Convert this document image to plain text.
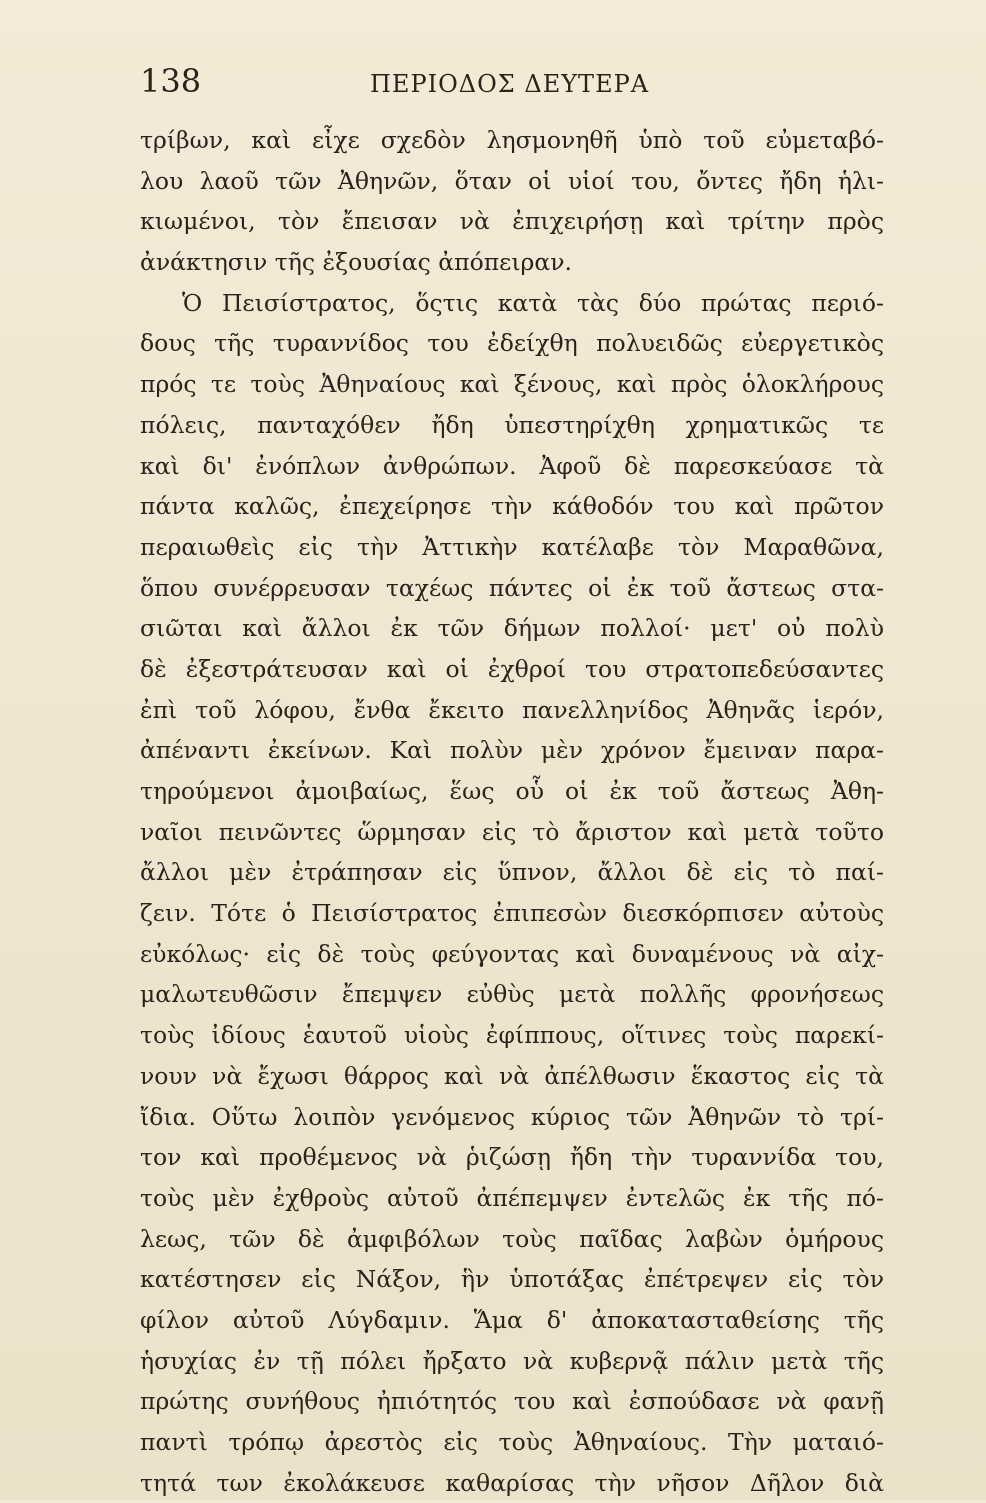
138	ΠΕΡΙΟΔΟΣ ΔΕΥΤΕΡΑ
τρίβων, καὶ εἶχε σχεδὸν λησμονηθῆ ὑπὸ τοῦ εὐμεταβό-
λου λαοῦ τῶν Ἀθηνῶν, ὅταν οἱ υἱοί του, ὄντες ἤδη ἡλι-
κιωμένοι, τὸν ἔπεισαν νὰ ἐπιχειρήσῃ καὶ τρίτην πρὸς
ἀνάκτησιν τῆς ἐξουσίας ἀπόπειραν.
Ὁ Πεισίστρατος, ὅςτις κατὰ τὰς δύο πρώτας περιό-
δους τῆς τυραννίδος του ἐδείχθη πολυειδῶς εὐεργετικὸς
πρός τε τοὺς Ἀθηναίους καὶ ξένους, καὶ πρὸς ὁλοκλήρους
πόλεις, πανταχόθεν ἤδη ὑπεστηρίχθη χρηματικῶς τε
καὶ δι' ἐνόπλων ἀνθρώπων. Ἀφοῦ δὲ παρεσκεύασε τὰ
πάντα καλῶς, ἐπεχείρησε τὴν κάθοδόν του καὶ πρῶτον
περαιωθεὶς εἰς τὴν Ἀττικὴν κατέλαβε τὸν Μαραθῶνα,
ὅπου συνέρρευσαν ταχέως πάντες οἱ ἐκ τοῦ ἄστεως στα-
σιῶται καὶ ἄλλοι ἐκ τῶν δήμων πολλοί· μετ' οὐ πολὺ
δὲ ἐξεστράτευσαν καὶ οἱ ἐχθροί του στρατοπεδεύσαντες
ἐπὶ τοῦ λόφου, ἔνθα ἔκειτο πανελληνίδος Ἀθηνᾶς ἱερόν,
ἀπέναντι ἐκείνων. Καὶ πολὺν μὲν χρόνον ἔμειναν παρα-
τηρούμενοι ἀμοιβαίως, ἕως οὗ οἱ ἐκ τοῦ ἄστεως Ἀθη-
ναῖοι πεινῶντες ὥρμησαν εἰς τὸ ἄριστον καὶ μετὰ τοῦτο
ἄλλοι μὲν ἐτράπησαν εἰς ὕπνον, ἄλλοι δὲ εἰς τὸ παί-
ζειν. Τότε ὁ Πεισίστρατος ἐπιπεσὼν διεσκόρπισεν αὐτοὺς
εὐκόλως· εἰς δὲ τοὺς φεύγοντας καὶ δυναμένους νὰ αἰχ-
μαλωτευθῶσιν ἔπεμψεν εὐθὺς μετὰ πολλῆς φρονήσεως
τοὺς ἰδίους ἑαυτοῦ υἱοὺς ἐφίππους, οἵτινες τοὺς παρεκί-
νουν νὰ ἔχωσι θάρρος καὶ νὰ ἀπέλθωσιν ἕκαστος εἰς τὰ
ἴδια. Οὕτω λοιπὸν γενόμενος κύριος τῶν Ἀθηνῶν τὸ τρί-
τον καὶ προθέμενος νὰ ῥιζώσῃ ἤδη τὴν τυραννίδα του,
τοὺς μὲν ἐχθροὺς αὐτοῦ ἀπέπεμψεν ἐντελῶς ἐκ τῆς πό-
λεως, τῶν δὲ ἀμφιβόλων τοὺς παῖδας λαβὼν ὁμήρους
κατέστησεν εἰς Νάξον, ἣν ὑποτάξας ἐπέτρεψεν εἰς τὸν
φίλον αὐτοῦ Λύγδαμιν. Ἅμα δ' ἀποκατασταθείσης τῆς
ἡσυχίας ἐν τῇ πόλει ἤρξατο νὰ κυβερνᾷ πάλιν μετὰ τῆς
πρώτης συνήθους ἠπιότητός του καὶ ἐσπούδασε νὰ φανῇ
παντὶ τρόπῳ ἀρεστὸς εἰς τοὺς Ἀθηναίους. Τὴν ματαιό-
τητά των ἐκολάκευσε καθαρίσας τὴν νῆσον Δῆλον διὰ
